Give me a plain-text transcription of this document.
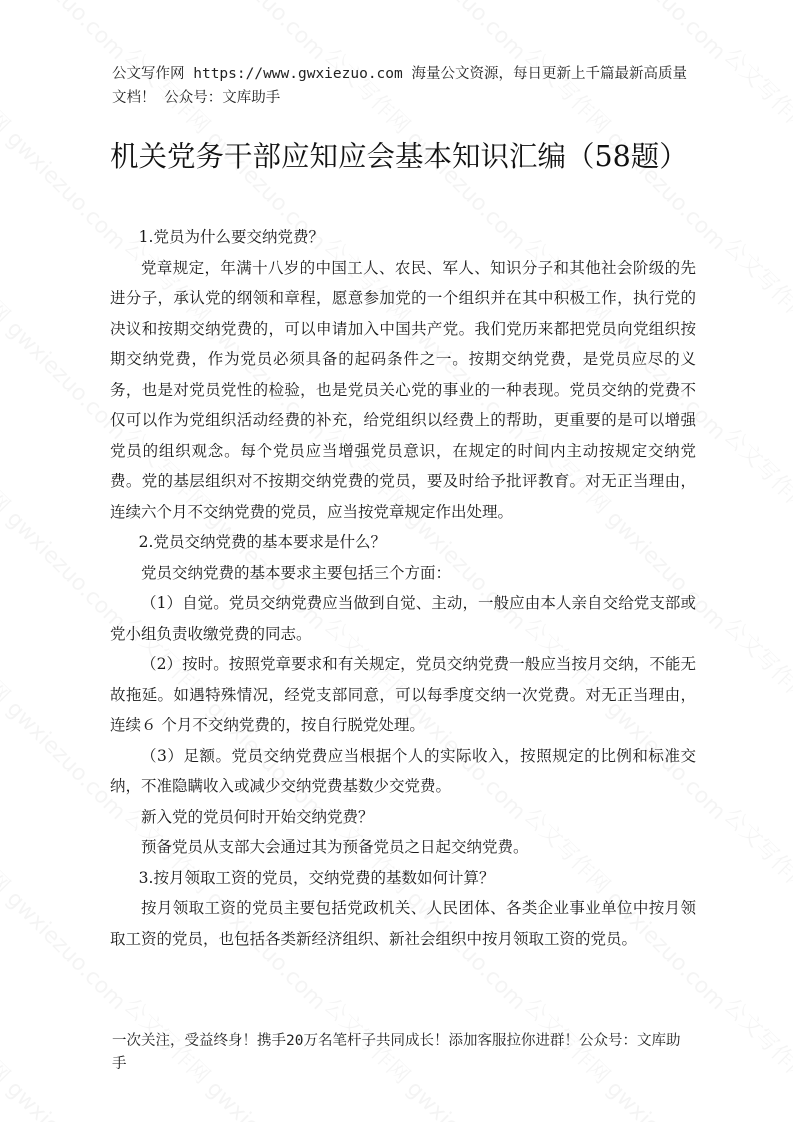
公文写作网 https://www.gwxiezuo.com 海量公文资源，每日更新上千篇最新高质量文档！ 公众号：文库助手
机关党务干部应知应会基本知识汇编（58题）

1.党员为什么要交纳党费？

党章规定，年满十八岁的中国工人、农民、军人、知识分子和其他社会阶级的先进分子，承认党的纲领和章程，愿意参加党的一个组织并在其中积极工作，执行党的决议和按期交纳党费的，可以申请加入中国共产党。我们党历来都把党员向党组织按期交纳党费，作为党员必须具备的起码条件之一。按期交纳党费，是党员应尽的义务，也是对党员党性的检验，也是党员关心党的事业的一种表现。党员交纳的党费不仅可以作为党组织活动经费的补充，给党组织以经费上的帮助，更重要的是可以增强党员的组织观念。每个党员应当增强党员意识，在规定的时间内主动按规定交纳党费。党的基层组织对不按期交纳党费的党员，要及时给予批评教育。对无正当理由，连续六个月不交纳党费的党员，应当按党章规定作出处理。

2.党员交纳党费的基本要求是什么？

党员交纳党费的基本要求主要包括三个方面：

（1）自觉。党员交纳党费应当做到自觉、主动，一般应由本人亲自交给党支部或党小组负责收缴党费的同志。

（2）按时。按照党章要求和有关规定，党员交纳党费一般应当按月交纳，不能无故拖延。如遇特殊情况，经党支部同意，可以每季度交纳一次党费。对无正当理由，连续６ 个月不交纳党费的，按自行脱党处理。

（3）足额。党员交纳党费应当根据个人的实际收入，按照规定的比例和标准交纳，不准隐瞒收入或减少交纳党费基数少交党费。

新入党的党员何时开始交纳党费？

预备党员从支部大会通过其为预备党员之日起交纳党费。

3.按月领取工资的党员，交纳党费的基数如何计算？

按月领取工资的党员主要包括党政机关、人民团体、各类企业事业单位中按月领取工资的党员，也包括各类新经济组织、新社会组织中按月领取工资的党员。

一次关注，受益终身！携手20万名笔杆子共同成长！添加客服拉你进群！公众号：文库助手
